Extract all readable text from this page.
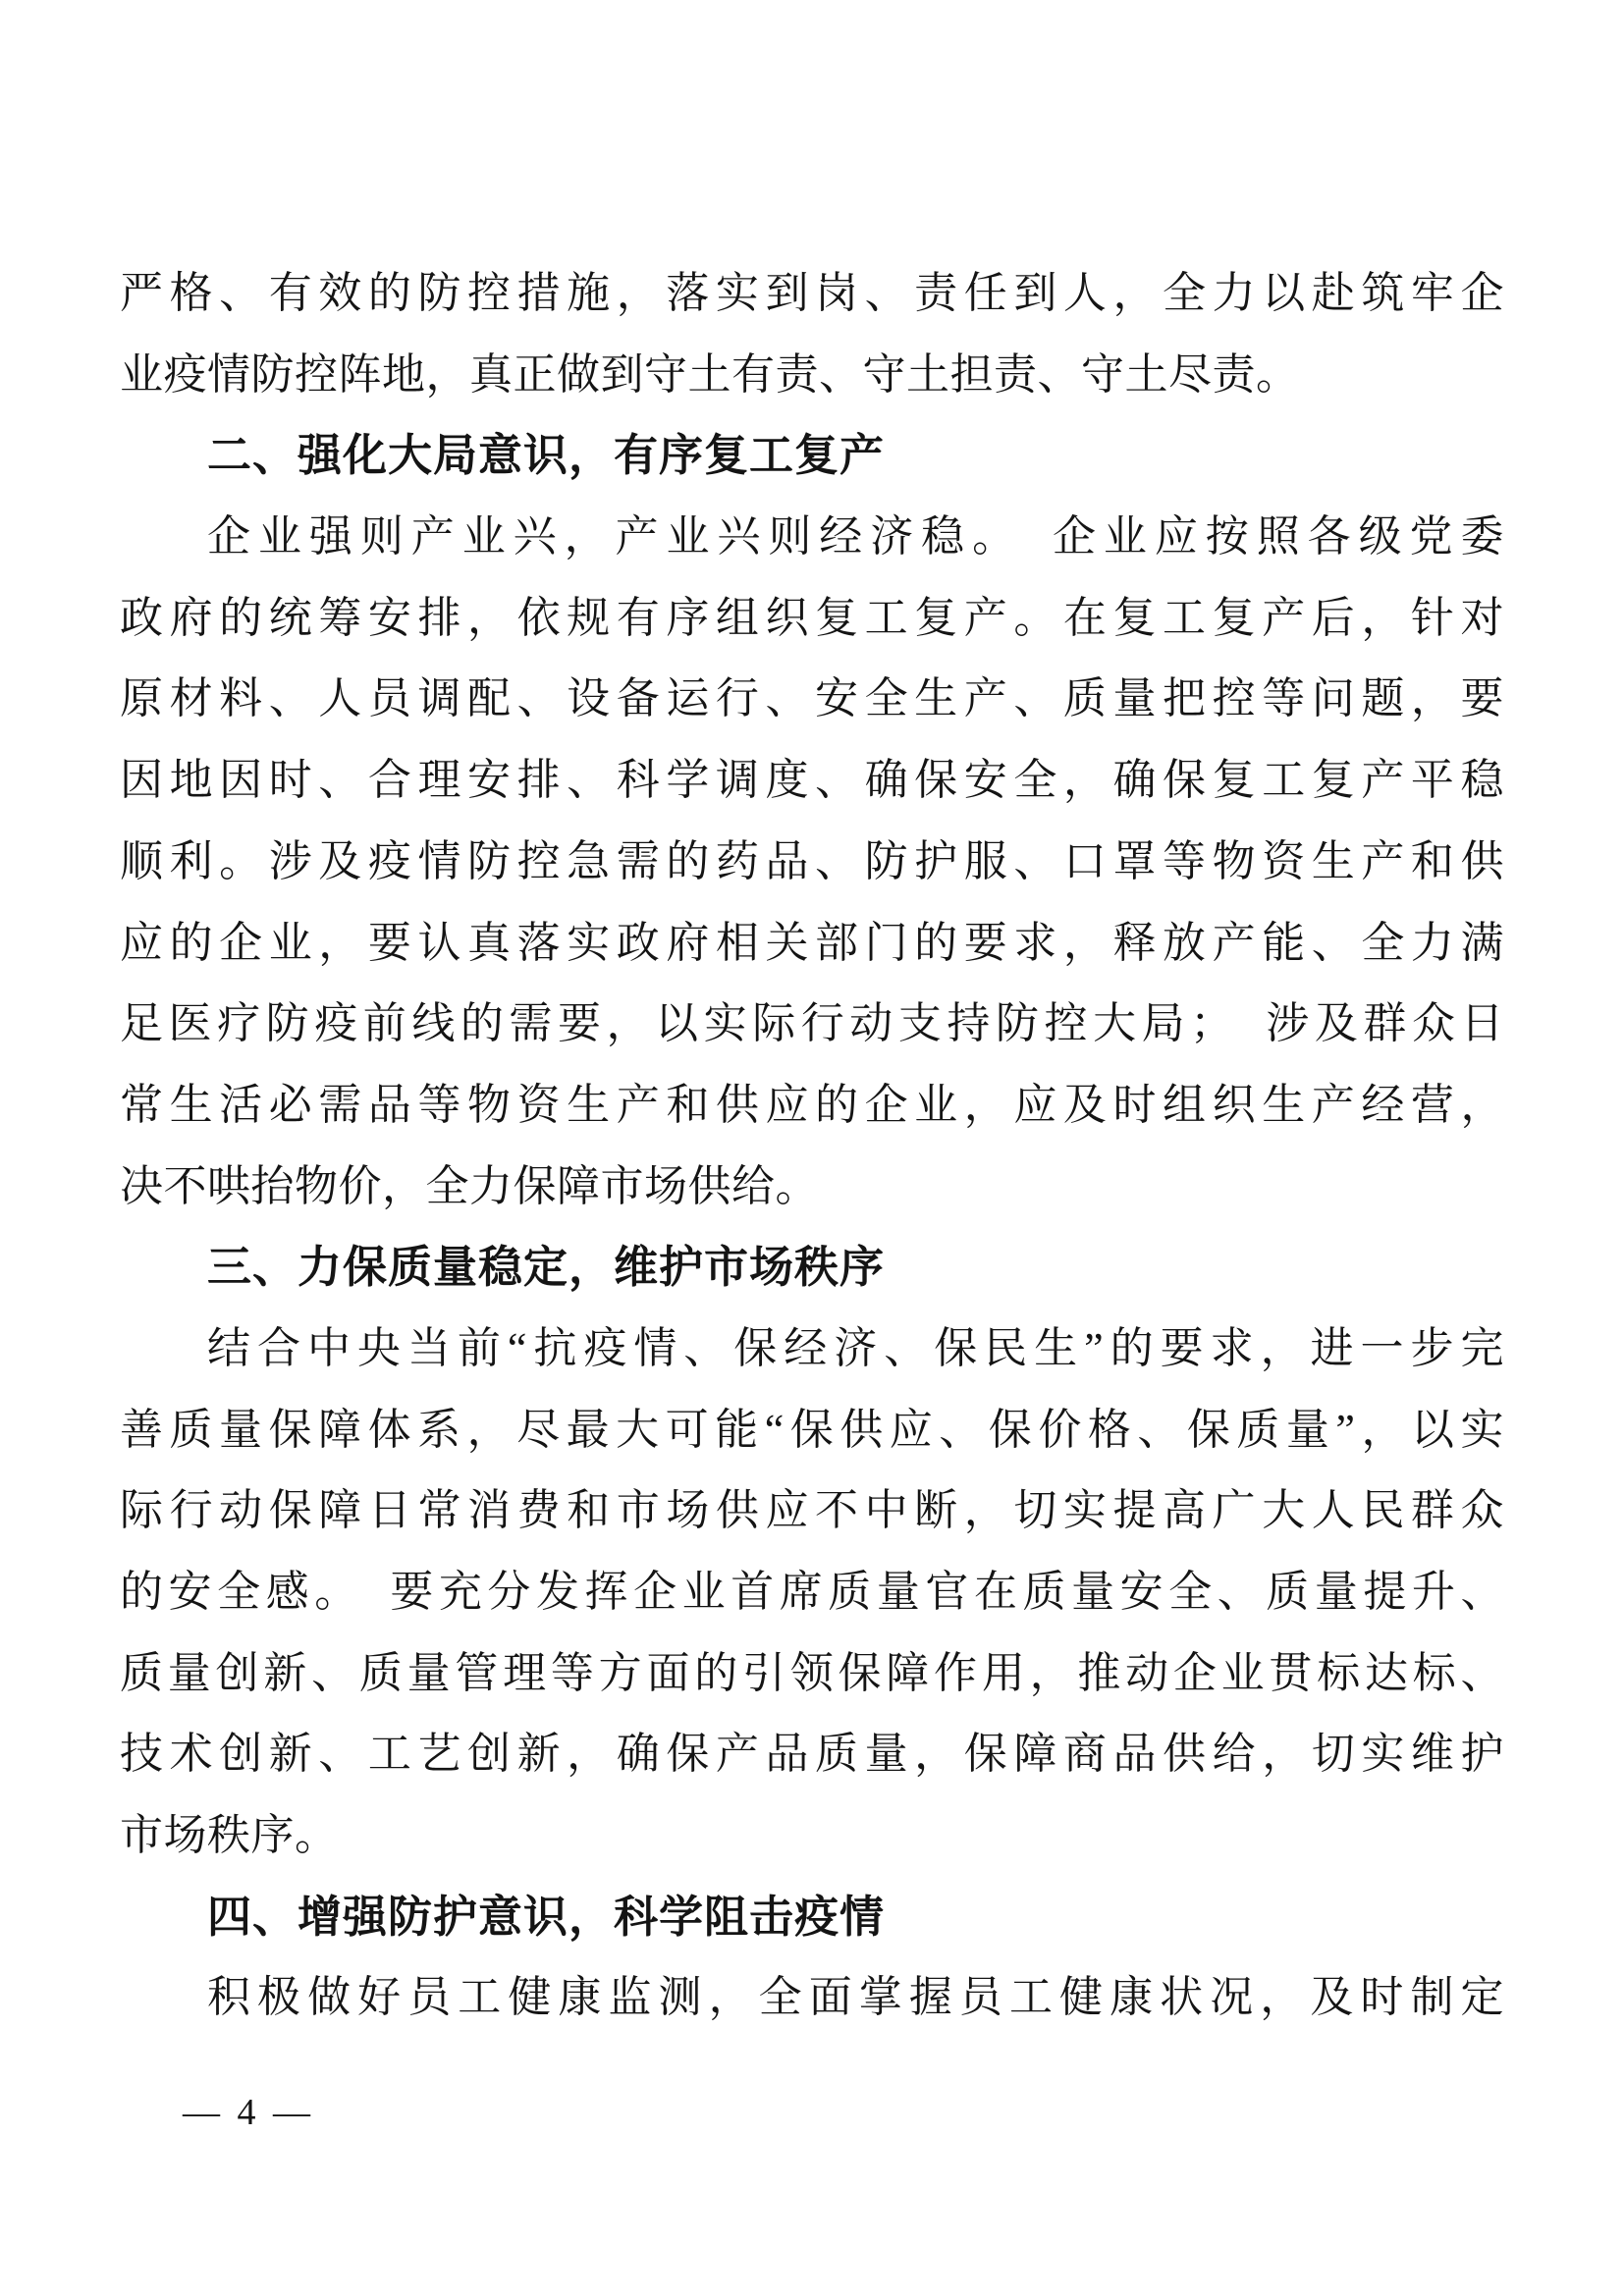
严格、有效的防控措施，落实到岗、责任到人，全力以赴筑牢企
业疫情防控阵地，真正做到守土有责、守土担责、守土尽责。
二、强化大局意识，有序复工复产
企业强则产业兴，产业兴则经济稳。　企业应按照各级党委
政府的统筹安排，依规有序组织复工复产。在复工复产后，针对
原材料、人员调配、设备运行、安全生产、质量把控等问题，要
因地因时、合理安排、科学调度、确保安全，确保复工复产平稳
顺利。涉及疫情防控急需的药品、防护服、口罩等物资生产和供
应的企业，要认真落实政府相关部门的要求，释放产能、全力满
足医疗防疫前线的需要，以实际行动支持防控大局；　涉及群众日
常生活必需品等物资生产和供应的企业，应及时组织生产经营，
决不哄抬物价，全力保障市场供给。
三、力保质量稳定，维护市场秩序
结合中央当前“抗疫情、保经济、保民生”的要求，进一步完
善质量保障体系，尽最大可能“保供应、保价格、保质量”，以实
际行动保障日常消费和市场供应不中断，切实提高广大人民群众
的安全感。　要充分发挥企业首席质量官在质量安全、质量提升、
质量创新、质量管理等方面的引领保障作用，推动企业贯标达标、
技术创新、工艺创新，确保产品质量，保障商品供给，切实维护
市场秩序。
四、增强防护意识，科学阻击疫情
积极做好员工健康监测，全面掌握员工健康状况，及时制定
— 4 —
